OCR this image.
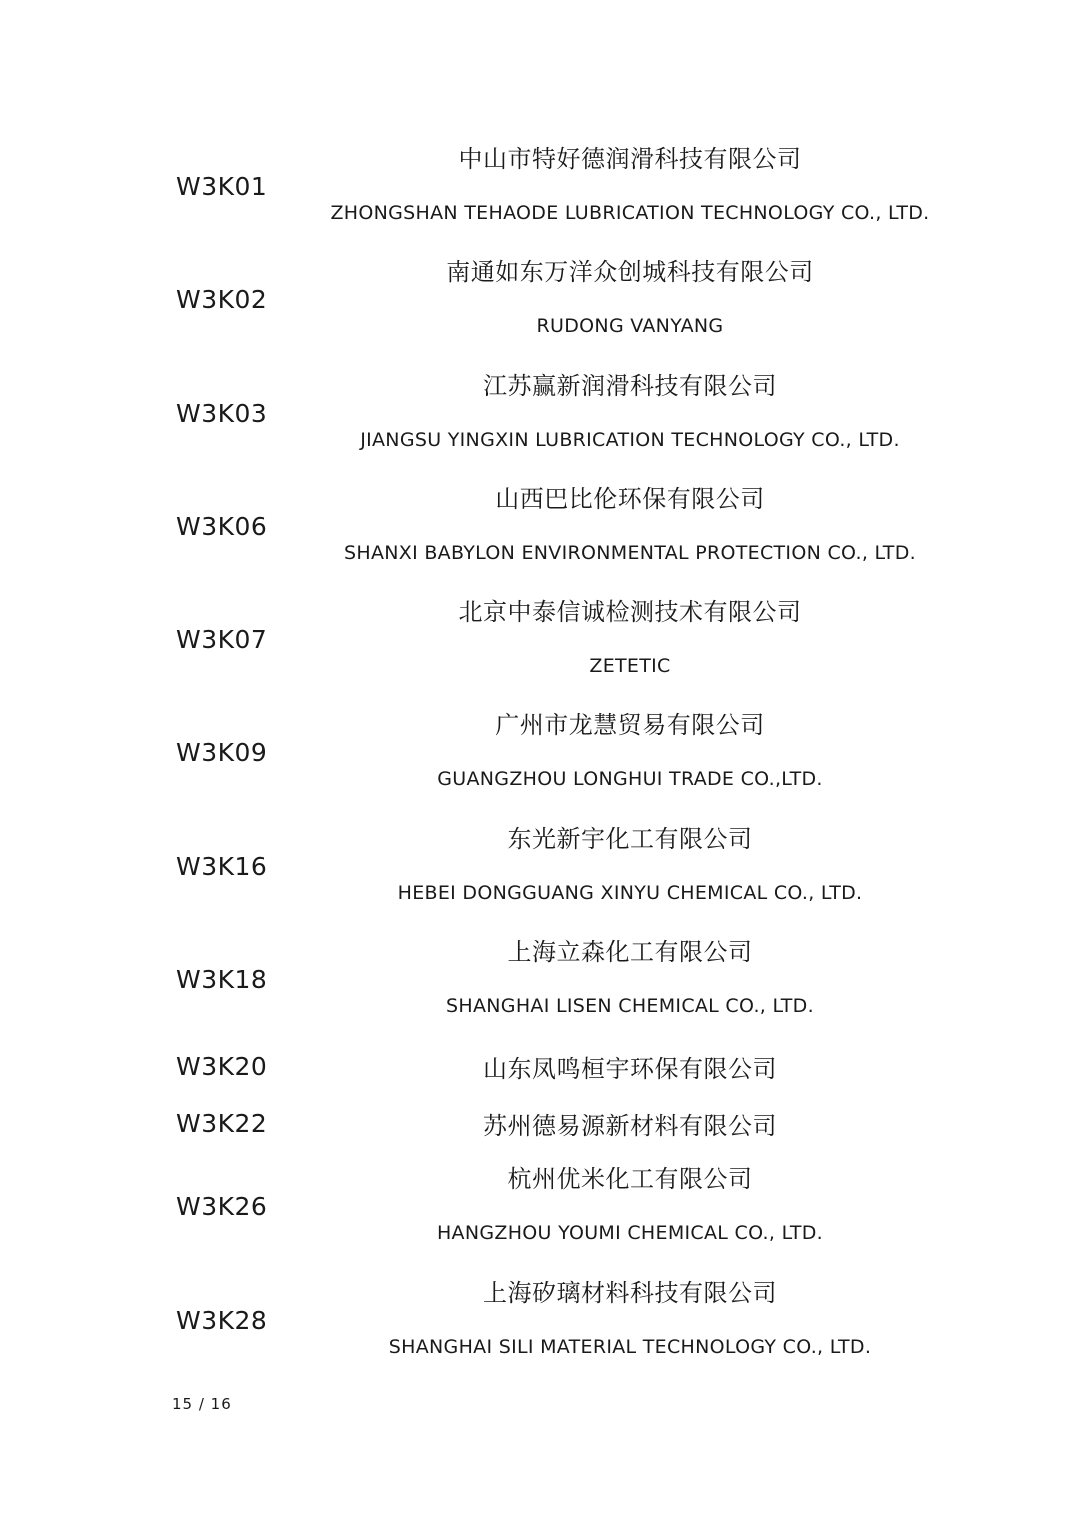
W3K01
中山市特好德润滑科技有限公司
ZHONGSHAN TEHAODE LUBRICATION TECHNOLOGY CO., LTD.
W3K02
南通如东万洋众创城科技有限公司
RUDONG VANYANG
W3K03
江苏赢新润滑科技有限公司
JIANGSU YINGXIN LUBRICATION TECHNOLOGY CO., LTD.
W3K06
山西巴比伦环保有限公司
SHANXI BABYLON ENVIRONMENTAL PROTECTION CO., LTD.
W3K07
北京中泰信诚检测技术有限公司
ZETETIC
W3K09
广州市龙慧贸易有限公司
GUANGZHOU LONGHUI TRADE CO.,LTD.
W3K16
东光新宇化工有限公司
HEBEI DONGGUANG XINYU CHEMICAL CO., LTD.
W3K18
上海立森化工有限公司
SHANGHAI LISEN CHEMICAL CO., LTD.
W3K20	山东凤鸣桓宇环保有限公司
W3K22	苏州德易源新材料有限公司
W3K26
杭州优米化工有限公司
HANGZHOU YOUMI CHEMICAL CO., LTD.
W3K28
上海矽璃材料科技有限公司
SHANGHAI SILI MATERIAL TECHNOLOGY CO., LTD.
15 / 16
